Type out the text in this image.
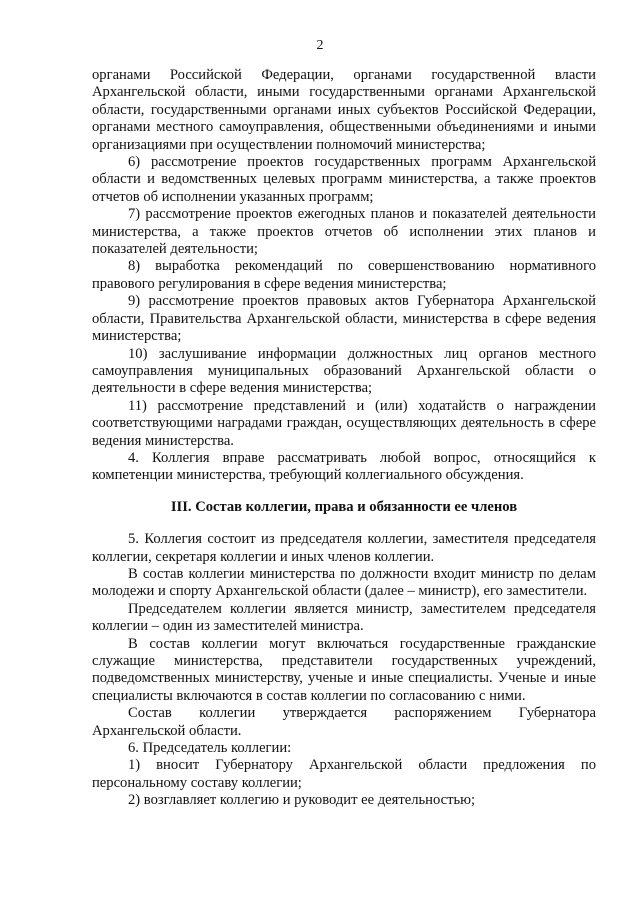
2

органами Российской Федерации, органами государственной власти Архангельской области, иными государственными органами Архангельской области, государственными органами иных субъектов Российской Федерации, органами местного самоуправления, общественными объединениями и иными организациями при осуществлении полномочий министерства;

6) рассмотрение проектов государственных программ Архангельской области и ведомственных целевых программ министерства, а также проектов отчетов об исполнении указанных программ;

7) рассмотрение проектов ежегодных планов и показателей деятельности министерства, а также проектов отчетов об исполнении этих планов и показателей деятельности;

8) выработка рекомендаций по совершенствованию нормативного правового регулирования в сфере ведения министерства;

9) рассмотрение проектов правовых актов Губернатора Архангельской области, Правительства Архангельской области, министерства в сфере ведения министерства;

10) заслушивание информации должностных лиц органов местного самоуправления муниципальных образований Архангельской области о деятельности в сфере ведения министерства;

11) рассмотрение представлений и (или) ходатайств о награждении соответствующими наградами граждан, осуществляющих деятельность в сфере ведения министерства.

4. Коллегия вправе рассматривать любой вопрос, относящийся к компетенции министерства, требующий коллегиального обсуждения.

III. Состав коллегии, права и обязанности ее членов

5. Коллегия состоит из председателя коллегии, заместителя председателя коллегии, секретаря коллегии и иных членов коллегии.

В состав коллегии министерства по должности входит министр по делам молодежи и спорту Архангельской области (далее – министр), его заместители.

Председателем коллегии является министр, заместителем председателя коллегии – один из заместителей министра.

В состав коллегии могут включаться государственные гражданские служащие министерства, представители государственных учреждений, подведомственных министерству, ученые и иные специалисты. Ученые и иные специалисты включаются в состав коллегии по согласованию с ними.

Состав коллегии утверждается распоряжением Губернатора Архангельской области.

6. Председатель коллегии:

1) вносит Губернатору Архангельской области предложения по персональному составу коллегии;

2) возглавляет коллегию и руководит ее деятельностью;
